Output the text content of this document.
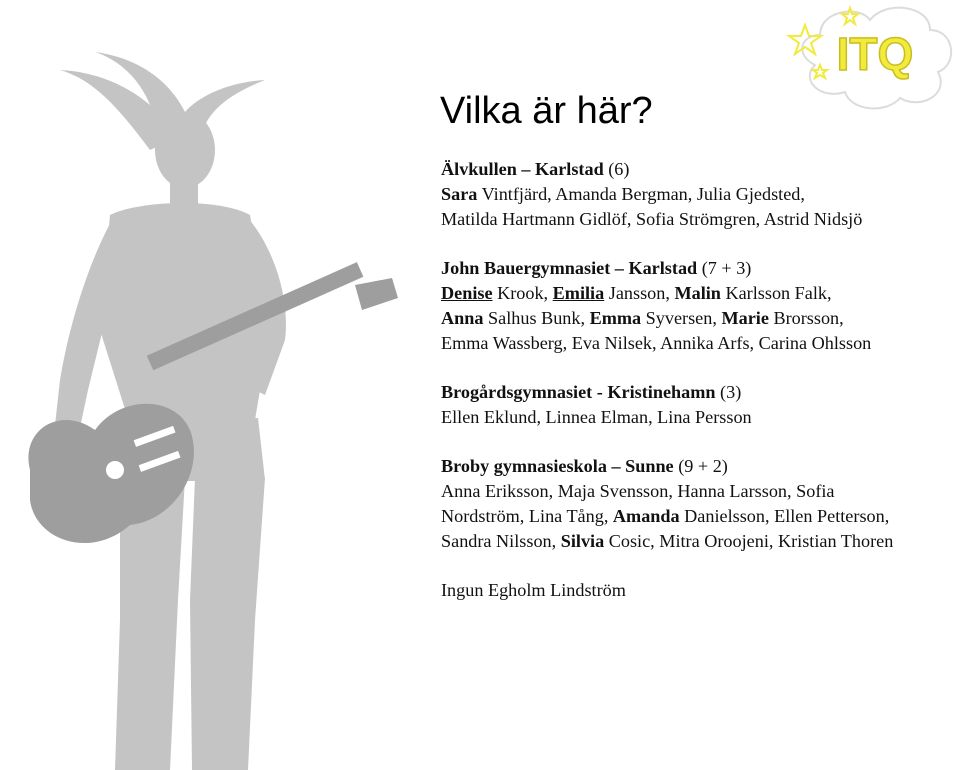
ITQ
Vilka är här?

Älvkullen – Karlstad (6)

Sara Vintfjärd, Amanda Bergman, Julia Gjedsted,

Matilda Hartmann Gidlöf, Sofia Strömgren, Astrid Nidsjö

John Bauergymnasiet – Karlstad (7 + 3)

Denise Krook, Emilia Jansson, Malin Karlsson Falk,

Anna Salhus Bunk, Emma Syversen, Marie Brorsson,

Emma Wassberg, Eva Nilsek, Annika Arfs, Carina Ohlsson

Brogårdsgymnasiet - Kristinehamn (3)

Ellen Eklund, Linnea Elman, Lina Persson

Broby gymnasieskola – Sunne (9 + 2)

Anna Eriksson, Maja Svensson, Hanna Larsson, Sofia

Nordström, Lina Tång, Amanda Danielsson, Ellen Petterson,

Sandra Nilsson, Silvia Cosic, Mitra Oroojeni, Kristian Thoren

Ingun Egholm Lindström
